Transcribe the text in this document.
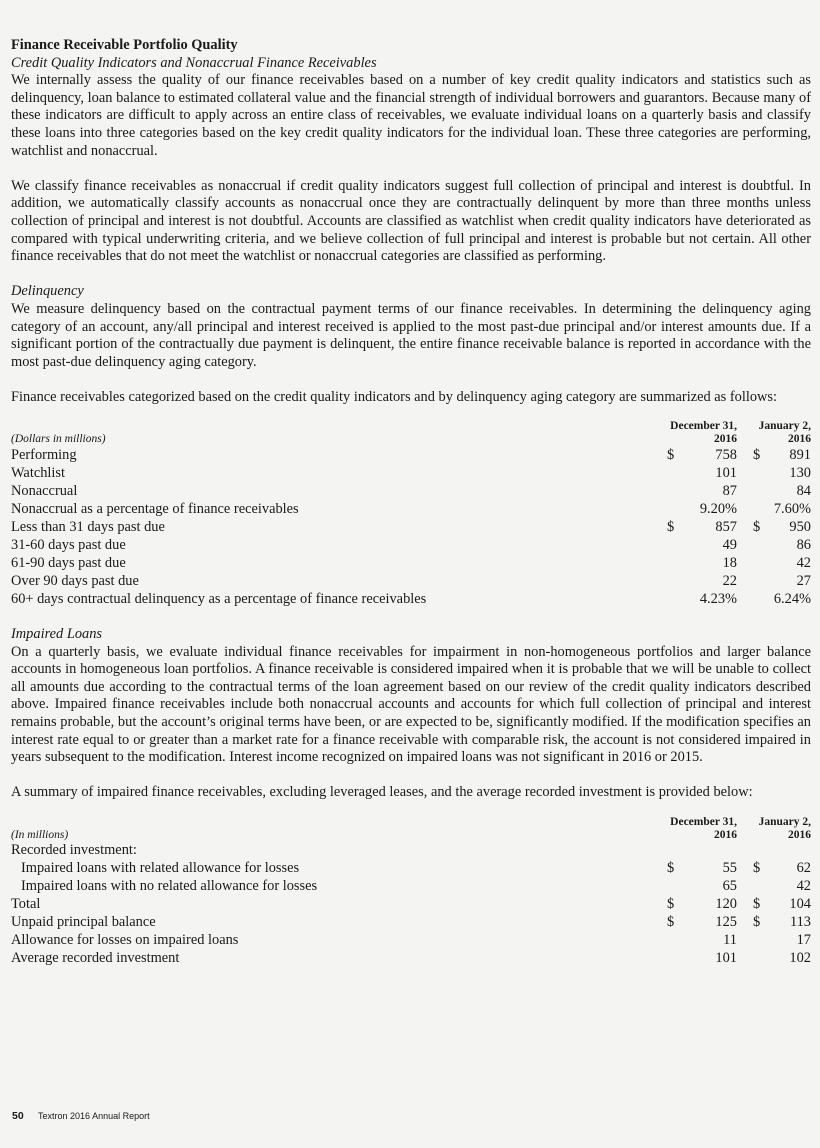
Finance Receivable Portfolio Quality
Credit Quality Indicators and Nonaccrual Finance Receivables

We internally assess the quality of our finance receivables based on a number of key credit quality indicators and statistics such as delinquency, loan balance to estimated collateral value and the financial strength of individual borrowers and guarantors. Because many of these indicators are difficult to apply across an entire class of receivables, we evaluate individual loans on a quarterly basis and classify these loans into three categories based on the key credit quality indicators for the individual loan. These three categories are performing, watchlist and nonaccrual.

We classify finance receivables as nonaccrual if credit quality indicators suggest full collection of principal and interest is doubtful. In addition, we automatically classify accounts as nonaccrual once they are contractually delinquent by more than three months unless collection of principal and interest is not doubtful. Accounts are classified as watchlist when credit quality indicators have deteriorated as compared with typical underwriting criteria, and we believe collection of full principal and interest is probable but not certain. All other finance receivables that do not meet the watchlist or nonaccrual categories are classified as performing.

Delinquency

We measure delinquency based on the contractual payment terms of our finance receivables. In determining the delinquency aging category of an account, any/all principal and interest received is applied to the most past-due principal and/or interest amounts due. If a significant portion of the contractually due payment is delinquent, the entire finance receivable balance is reported in accordance with the most past-due delinquency aging category.

Finance receivables categorized based on the credit quality indicators and by delinquency aging category are summarized as follows:

	December 31,			January 2,	
(Dollars in millions)	2016			2016	
Performing	$	758		$	891
Watchlist		101			130
Nonaccrual		87			84
Nonaccrual as a percentage of finance receivables		9.20%			7.60%
Less than 31 days past due	$	857		$	950
31-60 days past due		49			86
61-90 days past due		18			42
Over 90 days past due		22			27
60+ days contractual delinquency as a percentage of finance receivables		4.23%			6.24%
Impaired Loans

On a quarterly basis, we evaluate individual finance receivables for impairment in non-homogeneous portfolios and larger balance accounts in homogeneous loan portfolios. A finance receivable is considered impaired when it is probable that we will be unable to collect all amounts due according to the contractual terms of the loan agreement based on our review of the credit quality indicators described above. Impaired finance receivables include both nonaccrual accounts and accounts for which full collection of principal and interest remains probable, but the account’s original terms have been, or are expected to be, significantly modified. If the modification specifies an interest rate equal to or greater than a market rate for a finance receivable with comparable risk, the account is not considered impaired in years subsequent to the modification. Interest income recognized on impaired loans was not significant in 2016 or 2015.

A summary of impaired finance receivables, excluding leveraged leases, and the average recorded investment is provided below:

	December 31,			January 2,	
(In millions)	2016			2016	
Recorded investment:					
Impaired loans with related allowance for losses	$	55		$	62
Impaired loans with no related allowance for losses		65			42
Total	$	120		$	104
Unpaid principal balance	$	125		$	113
Allowance for losses on impaired loans		11			17
Average recorded investment		101			102
50 Textron 2016 Annual Report
